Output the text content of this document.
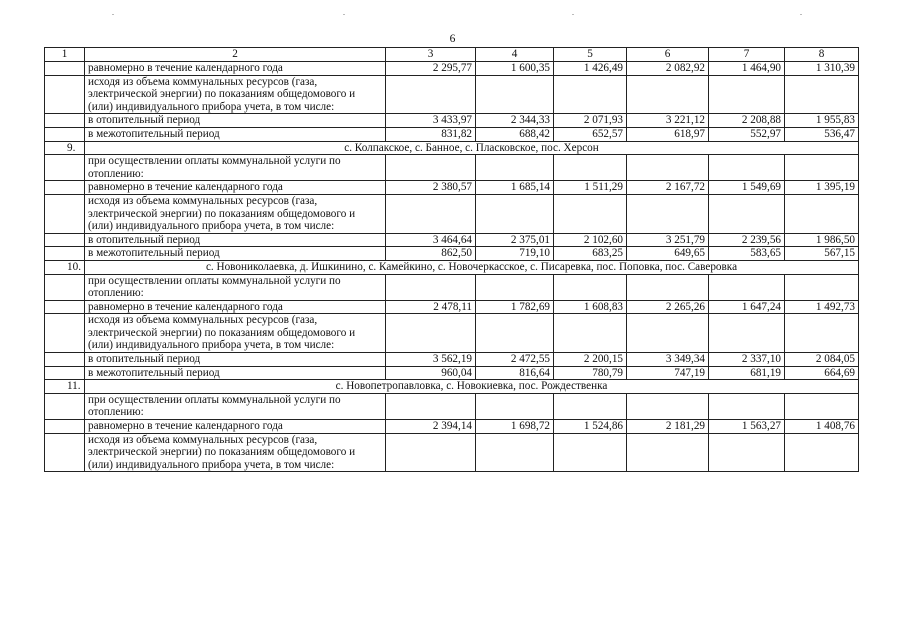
6
1	2	3	4	5	6	7	8
	равномерно в течение календарного года	2 295,77	1 600,35	1 426,49	2 082,92	1 464,90	1 310,39
	исходя из объема коммунальных ресурсов (газа, электрической энергии) по показаниям общедомового и (или) индивидуального прибора учета, в том числе:						
	в отопительный период	3 433,97	2 344,33	2 071,93	3 221,12	2 208,88	1 955,83
	в межотопительный период	831,82	688,42	652,57	618,97	552,97	536,47
9.	с. Колпакское, с. Банное, с. Пласковское, пос. Херсон						
	при осуществлении оплаты коммунальной услуги по отоплению:						
	равномерно в течение календарного года	2 380,57	1 685,14	1 511,29	2 167,72	1 549,69	1 395,19
	исходя из объема коммунальных ресурсов (газа, электрической энергии) по показаниям общедомового и (или) индивидуального прибора учета, в том числе:						
	в отопительный период	3 464,64	2 375,01	2 102,60	3 251,79	2 239,56	1 986,50
	в межотопительный период	862,50	719,10	683,25	649,65	583,65	567,15
10.	с. Новониколаевка, д. Ишкинино, с. Камейкино, с. Новочеркасское, с. Писаревка, пос. Поповка, пос. Саверовка						
	при осуществлении оплаты коммунальной услуги по отоплению:						
	равномерно в течение календарного года	2 478,11	1 782,69	1 608,83	2 265,26	1 647,24	1 492,73
	исходя из объема коммунальных ресурсов (газа, электрической энергии) по показаниям общедомового и (или) индивидуального прибора учета, в том числе:						
	в отопительный период	3 562,19	2 472,55	2 200,15	3 349,34	2 337,10	2 084,05
	в межотопительный период	960,04	816,64	780,79	747,19	681,19	664,69
11.	с. Новопетропавловка, с. Новокиевка, пос. Рождественка						
	при осуществлении оплаты коммунальной услуги по отоплению:						
	равномерно в течение календарного года	2 394,14	1 698,72	1 524,86	2 181,29	1 563,27	1 408,76
	исходя из объема коммунальных ресурсов (газа, электрической энергии) по показаниям общедомового и (или) индивидуального прибора учета, в том числе:						
